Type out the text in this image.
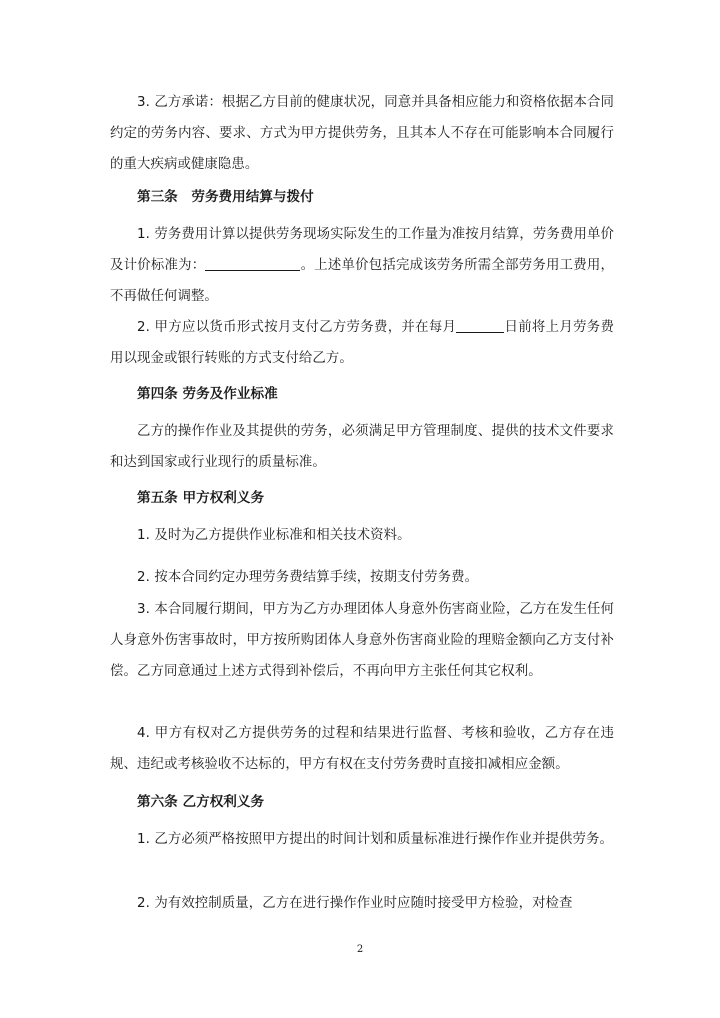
3. 乙方承诺：根据乙方目前的健康状况，同意并具备相应能力和资格依据本合同约定的劳务内容、要求、方式为甲方提供劳务，且其本人不存在可能影响本合同履行的重大疾病或健康隐患。

第三条　劳务费用结算与拨付

1. 劳务费用计算以提供劳务现场实际发生的工作量为准按月结算，劳务费用单价及计价标准为：	。上述单价包括完成该劳务所需全部劳务用工费用，不再做任何调整。

2. 甲方应以货币形式按月支付乙方劳务费，并在每月	日前将上月劳务费用以现金或银行转账的方式支付给乙方。

第四条 劳务及作业标准

乙方的操作作业及其提供的劳务，必须满足甲方管理制度、提供的技术文件要求和达到国家或行业现行的质量标准。

第五条 甲方权利义务

1. 及时为乙方提供作业标准和相关技术资料。

2. 按本合同约定办理劳务费结算手续，按期支付劳务费。

3. 本合同履行期间，甲方为乙方办理团体人身意外伤害商业险，乙方在发生任何人身意外伤害事故时，甲方按所购团体人身意外伤害商业险的理赔金额向乙方支付补偿。乙方同意通过上述方式得到补偿后，不再向甲方主张任何其它权利。

4. 甲方有权对乙方提供劳务的过程和结果进行监督、考核和验收，乙方存在违规、违纪或考核验收不达标的，甲方有权在支付劳务费时直接扣减相应金额。

第六条 乙方权利义务

1. 乙方必须严格按照甲方提出的时间计划和质量标准进行操作作业并提供劳务。

2. 为有效控制质量，乙方在进行操作作业时应随时接受甲方检验，对检查

2
